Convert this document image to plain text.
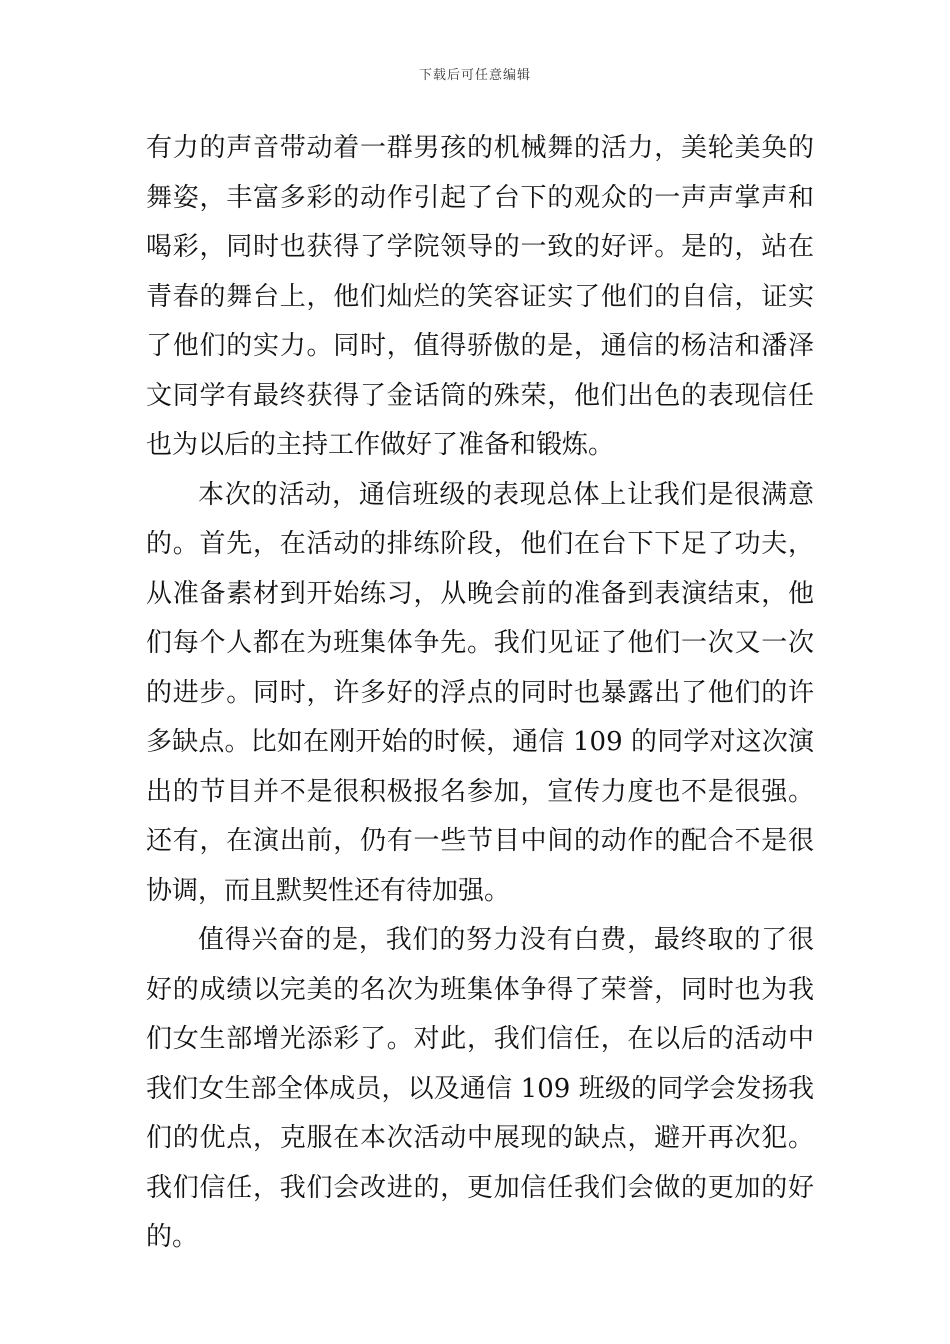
下载后可任意编辑

有力的声音带动着一群男孩的机械舞的活力，美轮美奂的舞姿，丰富多彩的动作引起了台下的观众的一声声掌声和喝彩，同时也获得了学院领导的一致的好评。是的，站在青春的舞台上，他们灿烂的笑容证实了他们的自信，证实了他们的实力。同时，值得骄傲的是，通信的杨洁和潘泽文同学有最终获得了金话筒的殊荣，他们出色的表现信任也为以后的主持工作做好了准备和锻炼。

本次的活动，通信班级的表现总体上让我们是很满意的。首先，在活动的排练阶段，他们在台下下足了功夫，从准备素材到开始练习，从晚会前的准备到表演结束，他们每个人都在为班集体争先。我们见证了他们一次又一次的进步。同时，许多好的浮点的同时也暴露出了他们的许多缺点。比如在刚开始的时候，通信 109 的同学对这次演出的节目并不是很积极报名参加，宣传力度也不是很强。还有，在演出前，仍有一些节目中间的动作的配合不是很协调，而且默契性还有待加强。

值得兴奋的是，我们的努力没有白费，最终取的了很好的成绩以完美的名次为班集体争得了荣誉，同时也为我们女生部增光添彩了。对此，我们信任，在以后的活动中我们女生部全体成员，以及通信 109 班级的同学会发扬我们的优点，克服在本次活动中展现的缺点，避开再次犯。我们信任，我们会改进的，更加信任我们会做的更加的好的。
